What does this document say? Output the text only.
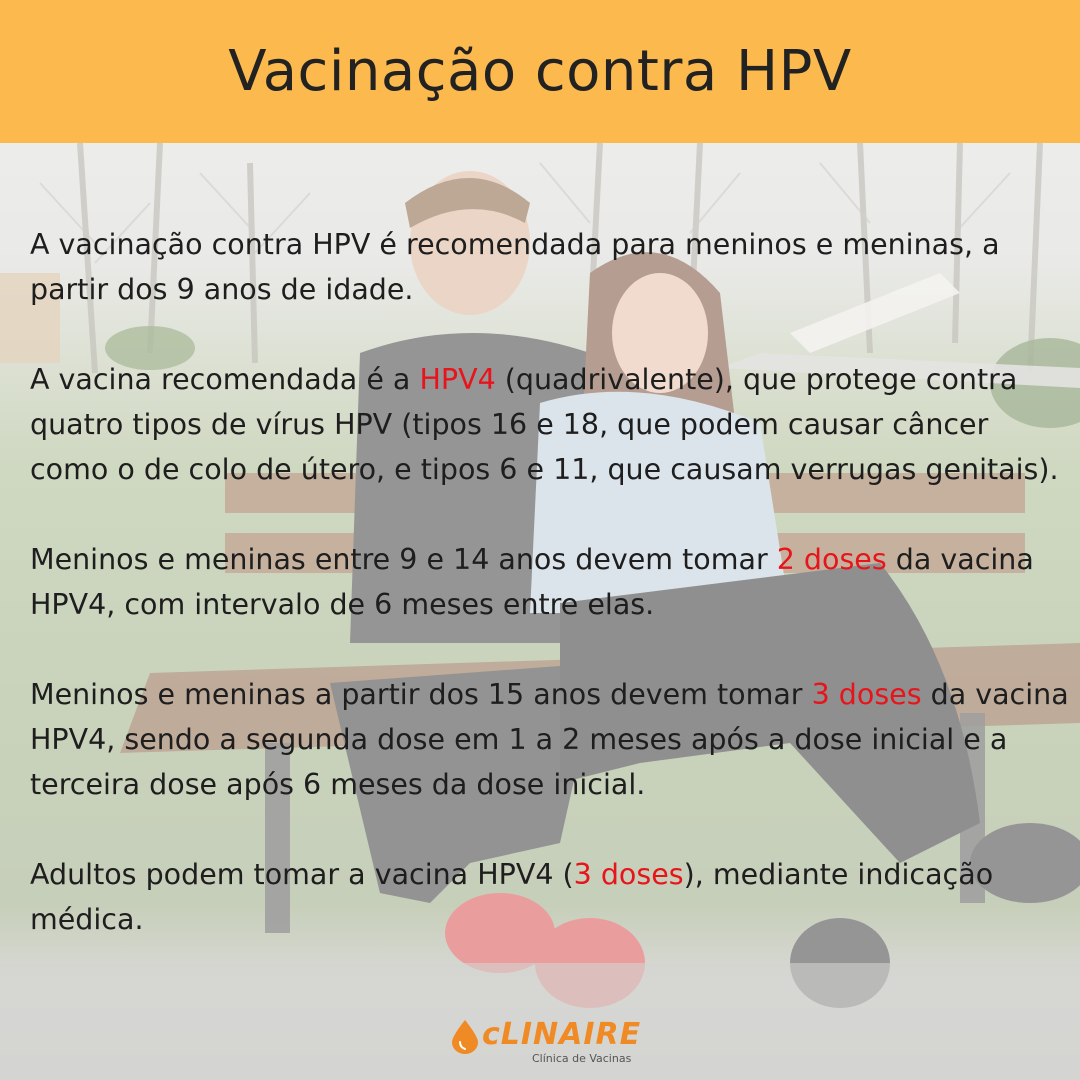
Vacinação contra HPV

A vacinação contra HPV é recomendada para meninos e meninas, a partir dos 9 anos de idade.

A vacina recomendada é a HPV4 (quadrivalente), que protege contra quatro tipos de vírus HPV (tipos 16 e 18, que podem causar câncer como o de colo de útero, e tipos 6 e 11, que causam verrugas genitais).

Meninos e meninas entre 9 e 14 anos devem tomar 2 doses da vacina HPV4, com intervalo de 6 meses entre elas.

Meninos e meninas a partir dos 15 anos devem tomar 3 doses da vacina HPV4, sendo a segunda dose em 1 a 2 meses após a dose inicial e a terceira dose após 6 meses da dose inicial.

Adultos podem tomar a vacina HPV4 (3 doses), mediante indicação médica.

cLINAIRE
Clínica de Vacinas
